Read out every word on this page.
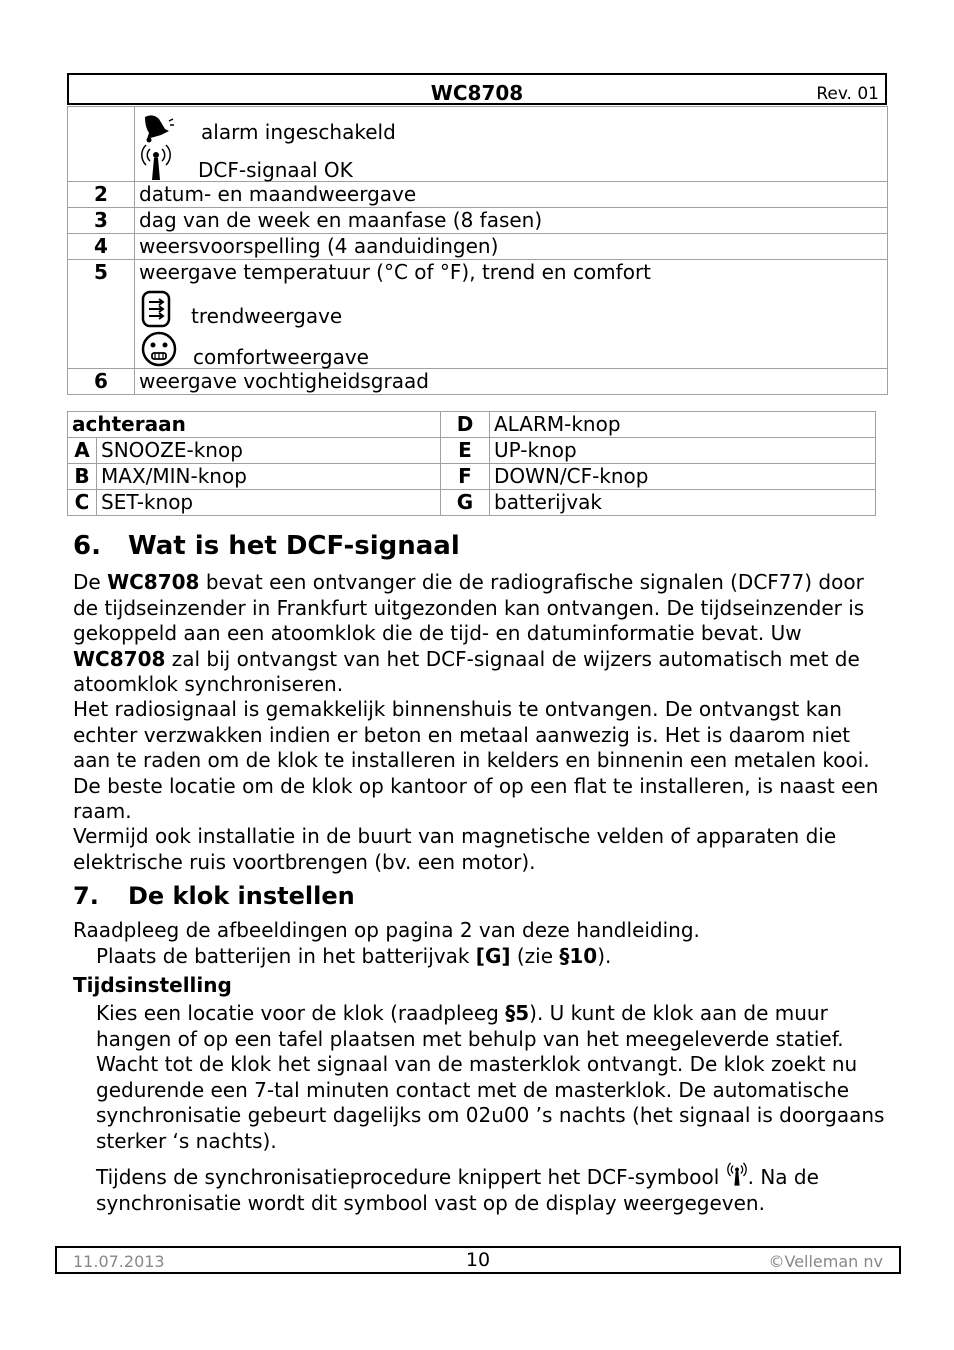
WC8708	Rev. 01

	alarm ingeschakeld
DCF-signaal OK

2	datum- en maandweergave
3	dag van de week en maanfase (8 fasen)
4	weersvoorspelling (4 aanduidingen)
5	weergave temperatuur (°C of °F), trend en comfort
trendweergave
comfortweergave

6	weergave vochtigheidsgraad
achteraan		D	ALARM-knop
A	SNOOZE-knop	E	UP-knop
B	MAX/MIN-knop	F	DOWN/CF-knop
C	SET-knop	G	batterijvak
6. Wat is het DCF-signaal

De WC8708 bevat een ontvanger die de radiografische signalen (DCF77) door de tijdseinzender in Frankfurt uitgezonden kan ontvangen. De tijdseinzender is gekoppeld aan een atoomklok die de tijd- en datuminformatie bevat. Uw WC8708 zal bij ontvangst van het DCF-signaal de wijzers automatisch met de atoomklok synchroniseren.

Het radiosignaal is gemakkelijk binnenshuis te ontvangen. De ontvangst kan echter verzwakken indien er beton en metaal aanwezig is. Het is daarom niet aan te raden om de klok te installeren in kelders en binnenin een metalen kooi. De beste locatie om de klok op kantoor of op een flat te installeren, is naast een raam.

Vermijd ook installatie in de buurt van magnetische velden of apparaten die elektrische ruis voortbrengen (bv. een motor).

7. De klok instellen

Raadpleeg de afbeeldingen op pagina 2 van deze handleiding.

Plaats de batterijen in het batterijvak [G] (zie §10).

Tijdsinstelling

Kies een locatie voor de klok (raadpleeg §5). U kunt de klok aan de muur hangen of op een tafel plaatsen met behulp van het meegeleverde statief. Wacht tot de klok het signaal van de masterklok ontvangt. De klok zoekt nu gedurende een 7-tal minuten contact met de masterklok. De automatische synchronisatie gebeurt dagelijks om 02u00 ’s nachts (het signaal is doorgaans sterker ‘s nachts).

Tijdens de synchronisatieprocedure knippert het DCF-symbool . Na de synchronisatie wordt dit symbool vast op de display weergegeven.

11.07.2013	10	©Velleman nv
